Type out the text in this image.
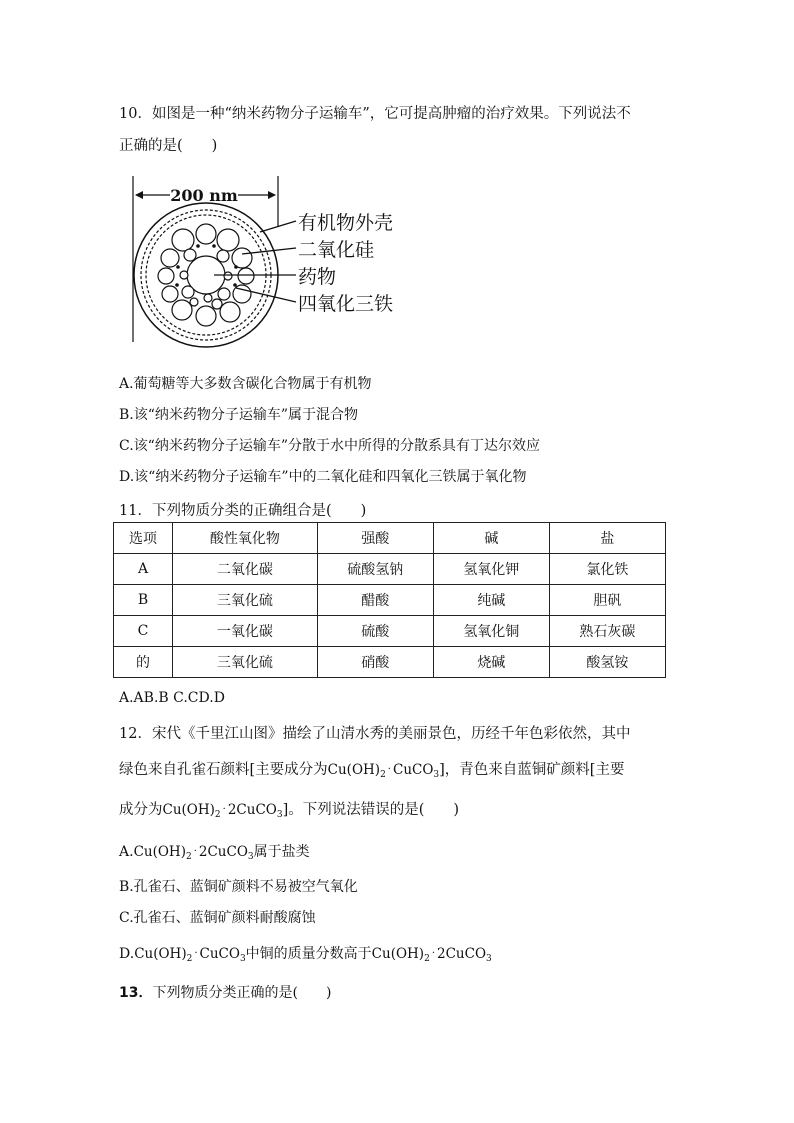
10．如图是一种“纳米药物分子运输车”，它可提高肿瘤的治疗效果。下列说法不
正确的是(　　)
200 nm
有机物外壳
二氧化硅
药物
四氧化三铁
A.葡萄糖等大多数含碳化合物属于有机物
B.该“纳米药物分子运输车”属于混合物
C.该“纳米药物分子运输车”分散于水中所得的分散系具有丁达尔效应
D.该“纳米药物分子运输车”中的二氧化硅和四氧化三铁属于氧化物
11．下列物质分类的正确组合是(　　)
选项	酸性氧化物	强酸	碱	盐
A	二氧化碳	硫酸氢钠	氢氧化钾	氯化铁
B	三氧化硫	醋酸	纯碱	胆矾
C	一氧化碳	硫酸	氢氧化铜	熟石灰碳
的	三氧化硫	硝酸	烧碱	酸氢铵
A.AB.B C.CD.D
12．宋代《千里江山图》描绘了山清水秀的美丽景色，历经千年色彩依然，其中
绿色来自孔雀石颜料[主要成分为$Cu(OH)_2$ · CuCO$_3$]，青色来自蓝铜矿颜料[主要
成分为$Cu(OH)_2$ · 2CuCO$_3$]。下列说法错误的是(　　)
$A.Cu(OH)_2$ · 2CuCO$_3$属于盐类
B.孔雀石、蓝铜矿颜料不易被空气氧化
C.孔雀石、蓝铜矿颜料耐酸腐蚀
$D.Cu(OH)_2$ · CuCO$_3$中铜的质量分数高于$Cu(OH)_2$ · 2CuCO$_3$
13．下列物质分类正确的是(　　)
